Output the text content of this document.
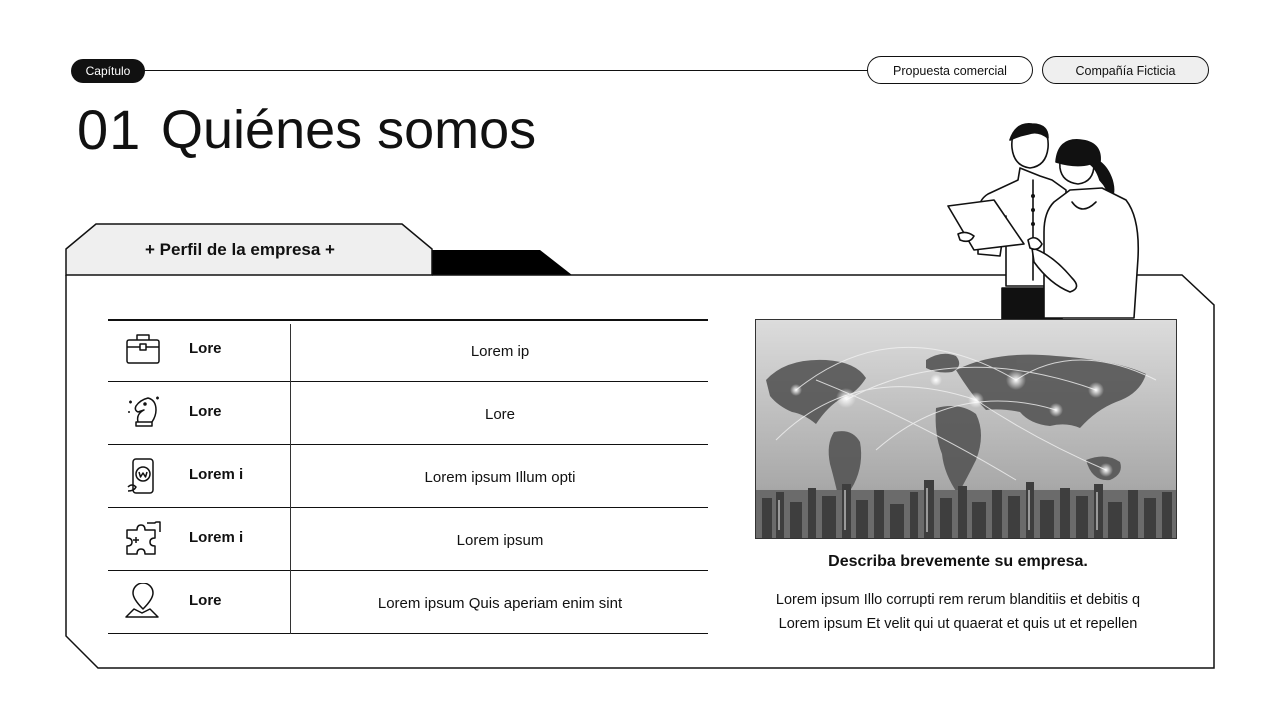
Capítulo	Propuesta comercial	Compañía Ficticia
01 Quiénes somos
+ Perfil de la empresa +
Lore	Lorem ip
Lore	Lore
Lorem i	Lorem ipsum Illum opti
Lorem i	Lorem ipsum
Lore	Lorem ipsum Quis aperiam enim sint
Describa brevemente su empresa.
Lorem ipsum Illo corrupti rem rerum blanditiis et debitis q
Lorem ipsum Et velit qui ut quaerat et quis ut et repellen
